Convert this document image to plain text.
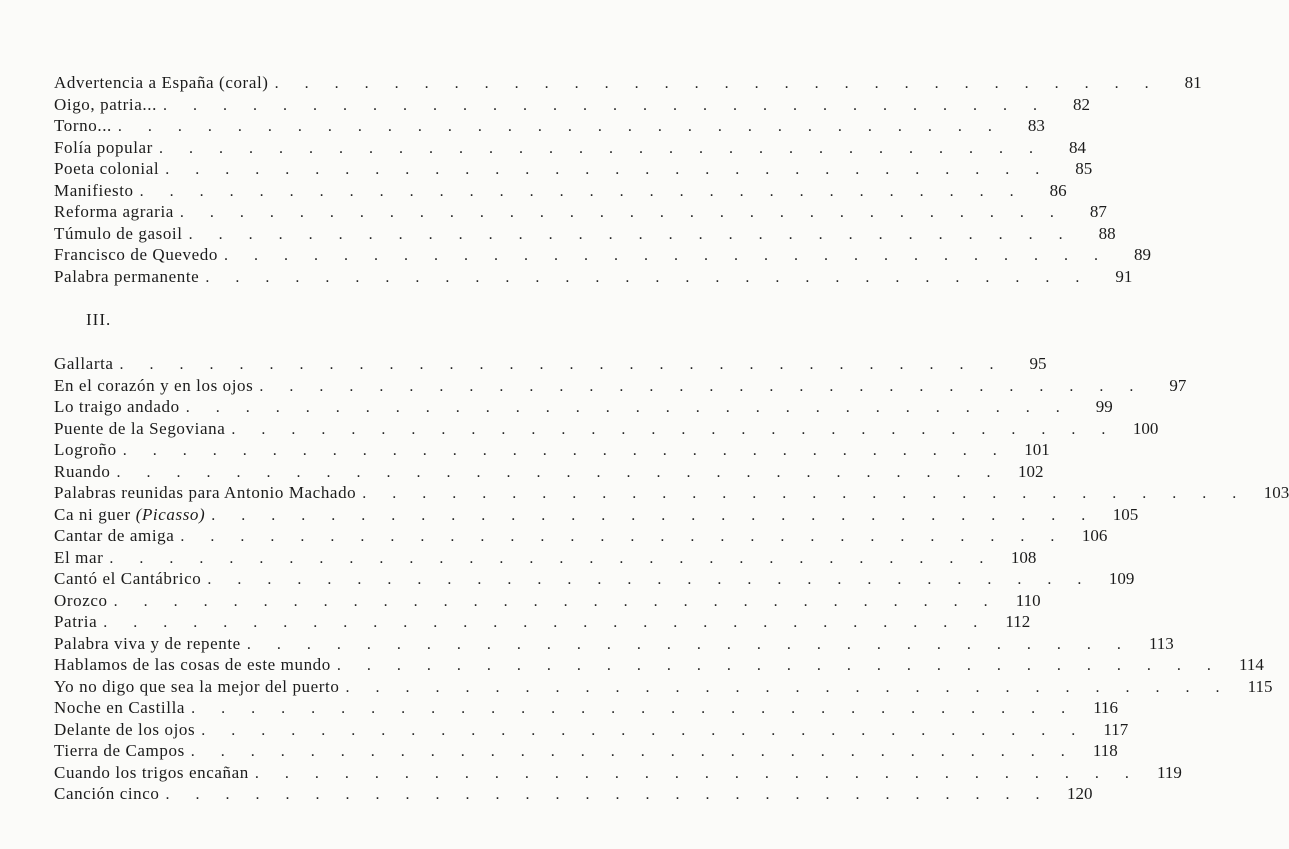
Advertencia a España (coral) . . . . . . . . . . . . . . . . . . . . . . . . . . . . . .	81
Oigo, patria... . . . . . . . . . . . . . . . . . . . . . . . . . . . . . .	82
Torno... . . . . . . . . . . . . . . . . . . . . . . . . . . . . . .	83
Folía popular . . . . . . . . . . . . . . . . . . . . . . . . . . . . . .	84
Poeta colonial . . . . . . . . . . . . . . . . . . . . . . . . . . . . . .	85
Manifiesto . . . . . . . . . . . . . . . . . . . . . . . . . . . . . .	86
Reforma agraria . . . . . . . . . . . . . . . . . . . . . . . . . . . . . .	87
Túmulo de gasoil . . . . . . . . . . . . . . . . . . . . . . . . . . . . . .	88
Francisco de Quevedo . . . . . . . . . . . . . . . . . . . . . . . . . . . . . .	89
Palabra permanente . . . . . . . . . . . . . . . . . . . . . . . . . . . . . .	91
III.
Gallarta . . . . . . . . . . . . . . . . . . . . . . . . . . . . . .	95
En el corazón y en los ojos . . . . . . . . . . . . . . . . . . . . . . . . . . . . . .	97
Lo traigo andado . . . . . . . . . . . . . . . . . . . . . . . . . . . . . .	99
Puente de la Segoviana . . . . . . . . . . . . . . . . . . . . . . . . . . . . . . 100
Logroño . . . . . . . . . . . . . . . . . . . . . . . . . . . . . . 101
Ruando . . . . . . . . . . . . . . . . . . . . . . . . . . . . . . 102
Palabras reunidas para Antonio Machado . . . . . . . . . . . . . . . . . . . . . . . . . . . . . . 103
Ca ni guer (Picasso) . . . . . . . . . . . . . . . . . . . . . . . . . . . . . . 105
Cantar de amiga . . . . . . . . . . . . . . . . . . . . . . . . . . . . . . 106
El mar . . . . . . . . . . . . . . . . . . . . . . . . . . . . . . 108
Cantó el Cantábrico . . . . . . . . . . . . . . . . . . . . . . . . . . . . . . 109
Orozco . . . . . . . . . . . . . . . . . . . . . . . . . . . . . .	110
Patria . . . . . . . . . . . . . . . . . . . . . . . . . . . . . .	112
Palabra viva y de repente . . . . . . . . . . . . . . . . . . . . . . . . . . . . . .	113
Hablamos de las cosas de este mundo . . . . . . . . . . . . . . . . . . . . . . . . . . . . . .	114
Yo no digo que sea la mejor del puerto . . . . . . . . . . . . . . . . . . . . . . . . . . . . . .	115
Noche en Castilla . . . . . . . . . . . . . . . . . . . . . . . . . . . . . .	116
Delante de los ojos . . . . . . . . . . . . . . . . . . . . . . . . . . . . . .	117
Tierra de Campos . . . . . . . . . . . . . . . . . . . . . . . . . . . . . .	118
Cuando los trigos encañan . . . . . . . . . . . . . . . . . . . . . . . . . . . . . .	119
Canción cinco . . . . . . . . . . . . . . . . . . . . . . . . . . . . . . 120
